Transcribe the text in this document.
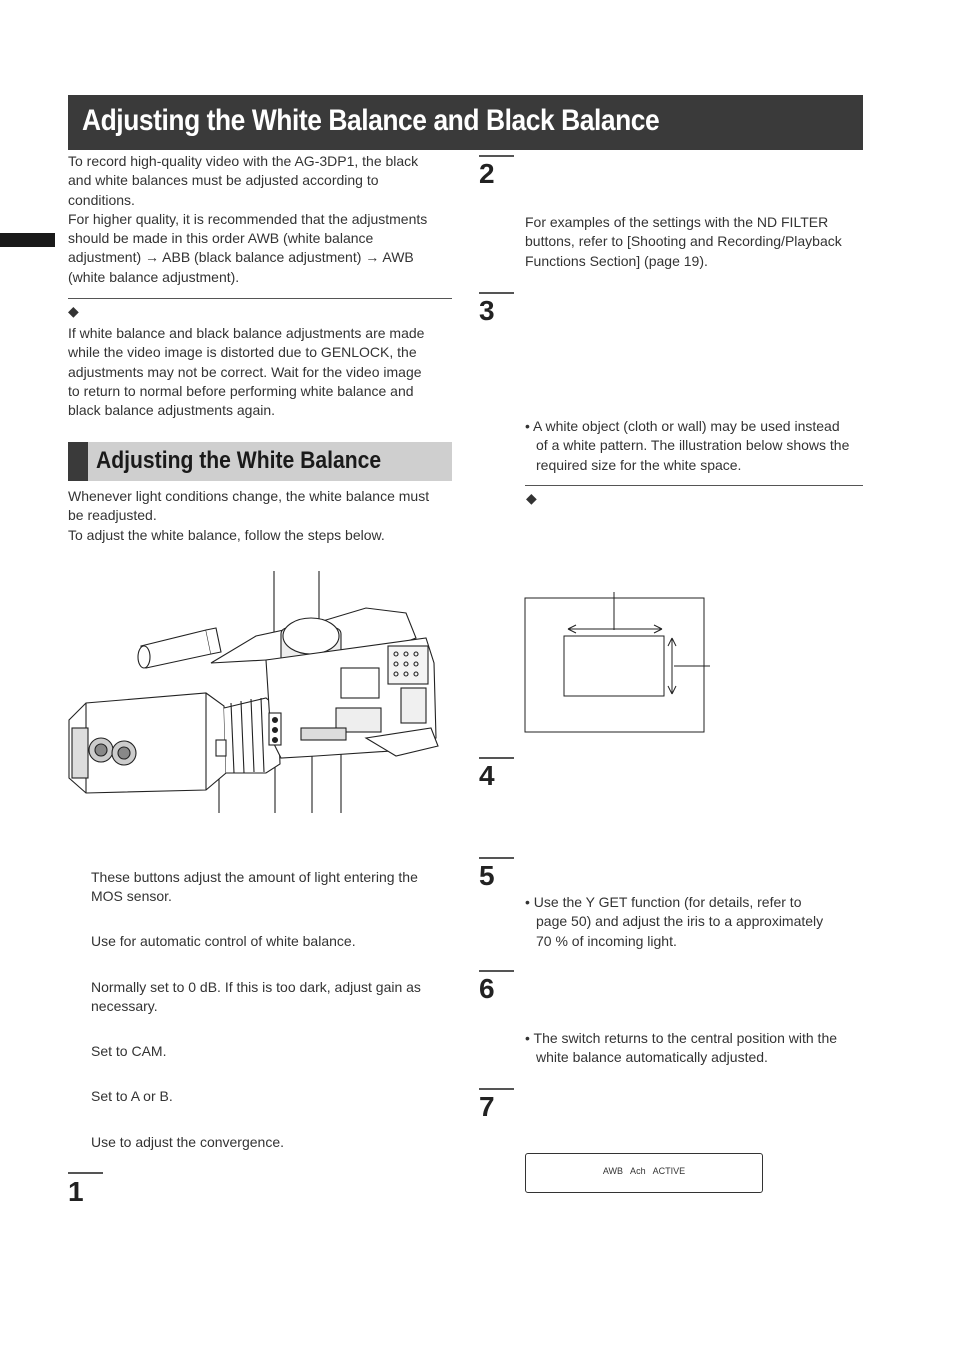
Adjusting the White Balance and Black Balance

To record high-quality video with the AG-3DP1, the black

and white balances must be adjusted according to

conditions.

For higher quality, it is recommended that the adjustments

should be made in this order AWB (white balance

adjustment) → ABB (black balance adjustment) → AWB

(white balance adjustment).

◆

If white balance and black balance adjustments are made

while the video image is distorted due to GENLOCK, the

adjustments may not be correct. Wait for the video image

to return to normal before performing white balance and

black balance adjustments again.

Adjusting the White Balance

Whenever light conditions change, the white balance must

be readjusted.

To adjust the white balance, follow the steps below.

These buttons adjust the amount of light entering the

MOS sensor.

Use for automatic control of white balance.

Normally set to 0 dB. If this is too dark, adjust gain as

necessary.

Set to CAM.

Set to A or B.

Use to adjust the convergence.

1
2

For examples of the settings with the ND FILTER

buttons, refer to [Shooting and Recording/Playback

Functions Section] (page 19).

3

• A white object (cloth or wall) may be used instead

of a white pattern. The illustration below shows the

required size for the white space.

◆
4
5

• Use the Y GET function (for details, refer to

page 50) and adjust the iris to a approximately

70 % of incoming light.

6

• The switch returns to the central position with the

white balance automatically adjusted.

7
AWB   Ach   ACTIVE
